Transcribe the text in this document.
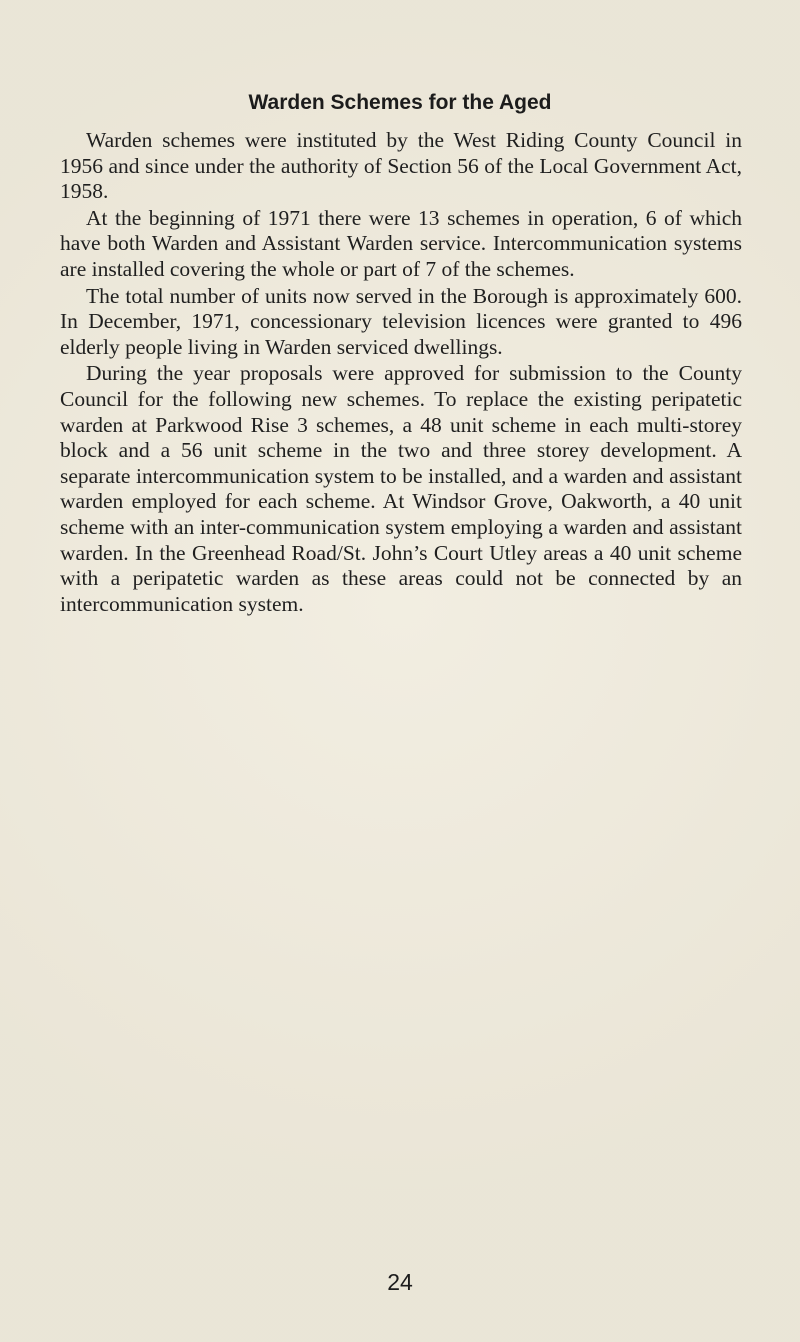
Warden Schemes for the Aged

Warden schemes were instituted by the West Riding County Council in 1956 and since under the authority of Section 56 of the Local Government Act, 1958.

At the beginning of 1971 there were 13 schemes in operation, 6 of which have both Warden and Assistant Warden service. Intercommunication systems are installed covering the whole or part of 7 of the schemes.

The total number of units now served in the Borough is approximately 600. In December, 1971, concessionary television licences were granted to 496 elderly people living in Warden serviced dwellings.

During the year proposals were approved for submission to the County Council for the following new schemes. To replace the existing peripatetic warden at Parkwood Rise 3 schemes, a 48 unit scheme in each multi-storey block and a 56 unit scheme in the two and three storey development. A separate intercommunication system to be installed, and a warden and assistant warden employed for each scheme. At Windsor Grove, Oakworth, a 40 unit scheme with an inter-communication system employing a warden and assistant warden. In the Greenhead Road/St. John’s Court Utley areas a 40 unit scheme with a peripatetic warden as these areas could not be connected by an intercommunication system.

24
